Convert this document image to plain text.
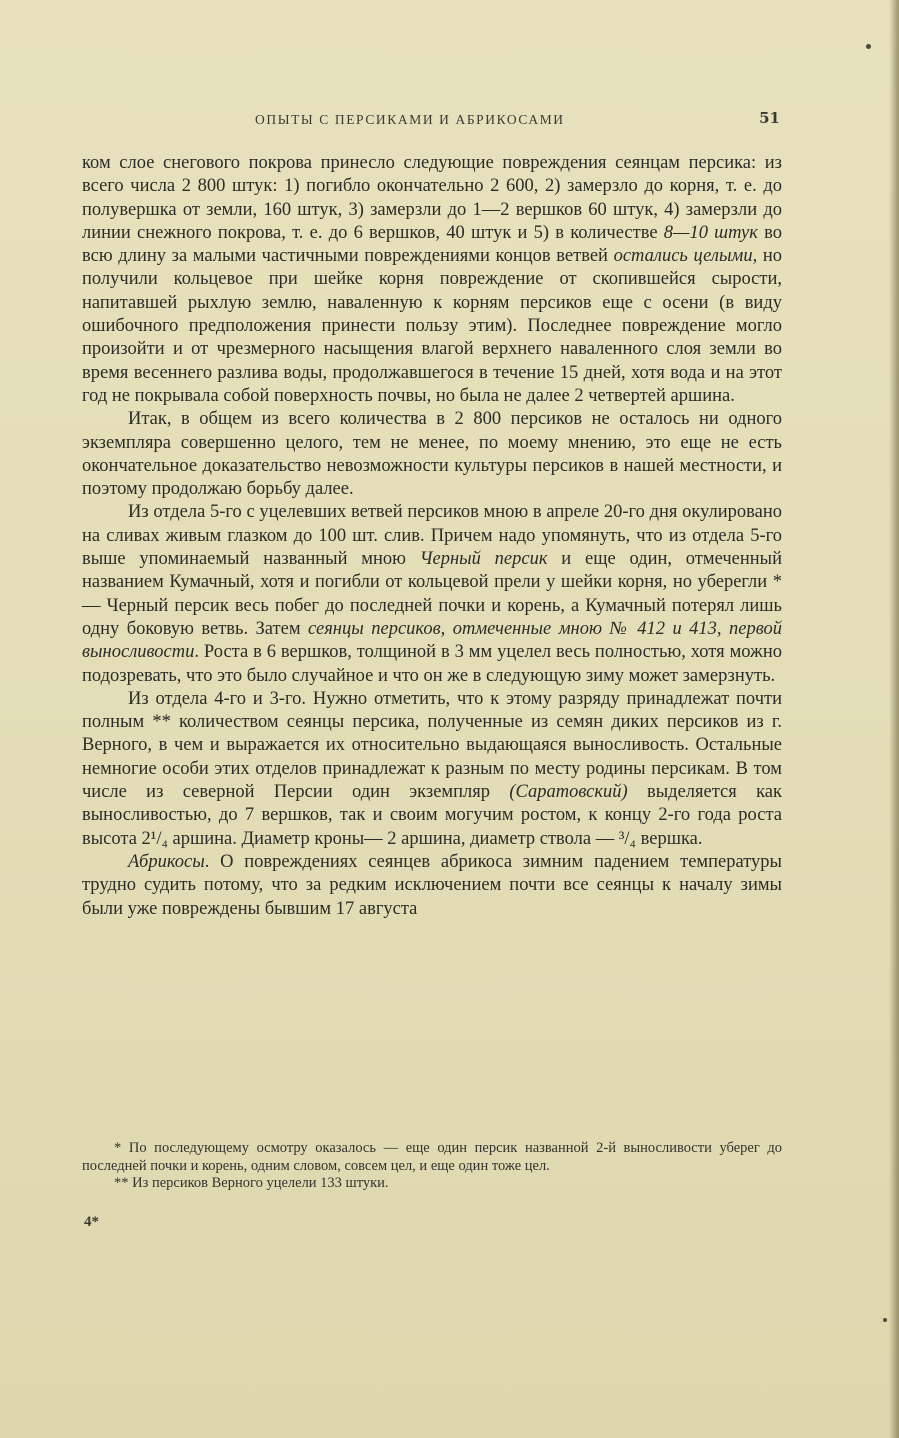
ОПЫТЫ С ПЕРСИКАМИ И АБРИКОСАМИ	51

ком слое снегового покрова принесло следующие повреждения сеянцам персика: из всего числа 2 800 штук: 1) погибло окончательно 2 600, 2) замерзло до корня, т. е. до полувершка от земли, 160 штук, 3) замерзли до 1—2 вершков 60 штук, 4) замерзли до линии снежного покрова, т. е. до 6 вершков, 40 штук и 5) в количестве 8—10 штук во всю длину за малыми частичными повреждениями концов ветвей остались целыми, но получили кольцевое при шейке корня повреждение от скопившейся сырости, напитавшей рыхлую землю, наваленную к корням персиков еще с осени (в виду ошибочного предположения принести пользу этим). Последнее повреждение могло произойти и от чрезмерного насыщения влагой верхнего наваленного слоя земли во время весеннего разлива воды, продолжавшегося в течение 15 дней, хотя вода и на этот год не покрывала собой поверхность почвы, но была не далее 2 четвертей аршина.

Итак, в общем из всего количества в 2 800 персиков не осталось ни одного экземпляра совершенно целого, тем не менее, по моему мнению, это еще не есть окончательное доказательство невозможности культуры персиков в нашей местности, и поэтому продолжаю борьбу далее.

Из отдела 5-го с уцелевших ветвей персиков мною в апреле 20-го дня окулировано на сливах живым глазком до 100 шт. слив. Причем надо упомянуть, что из отдела 5-го выше упоминаемый названный мною Черный персик и еще один, отмеченный названием Кумачный, хотя и погибли от кольцевой прели у шейки корня, но уберегли * — Черный персик весь побег до последней почки и корень, а Кумачный потерял лишь одну боковую ветвь. Затем сеянцы персиков, отмеченные мною № 412 и 413, первой выносливости. Роста в 6 вершков, толщиной в 3 мм уцелел весь полностью, хотя можно подозревать, что это было случайное и что он же в следующую зиму может замерзнуть.

Из отдела 4-го и 3-го. Нужно отметить, что к этому разряду принадлежат почти полным ** количеством сеянцы персика, полученные из семян диких персиков из г. Верного, в чем и выражается их относительно выдающаяся выносливость. Остальные немногие особи этих отделов принадлежат к разным по месту родины персикам. В том числе из северной Персии один экземпляр (Саратовский) выделяется как выносливостью, до 7 вершков, так и своим могучим ростом, к концу 2-го года роста высота 2¹/₄ аршина. Диаметр кроны— 2 аршина, диаметр ствола — ³/₄ вершка.

Абрикосы. О повреждениях сеянцев абрикоса зимним падением температуры трудно судить потому, что за редким исключением почти все сеянцы к началу зимы были уже повреждены бывшим 17 августа

* По последующему осмотру оказалось — еще один персик названной 2-й выносливости уберег до последней почки и корень, одним словом, совсем цел, и еще один тоже цел.

** Из персиков Верного уцелели 133 штуки.

4*
